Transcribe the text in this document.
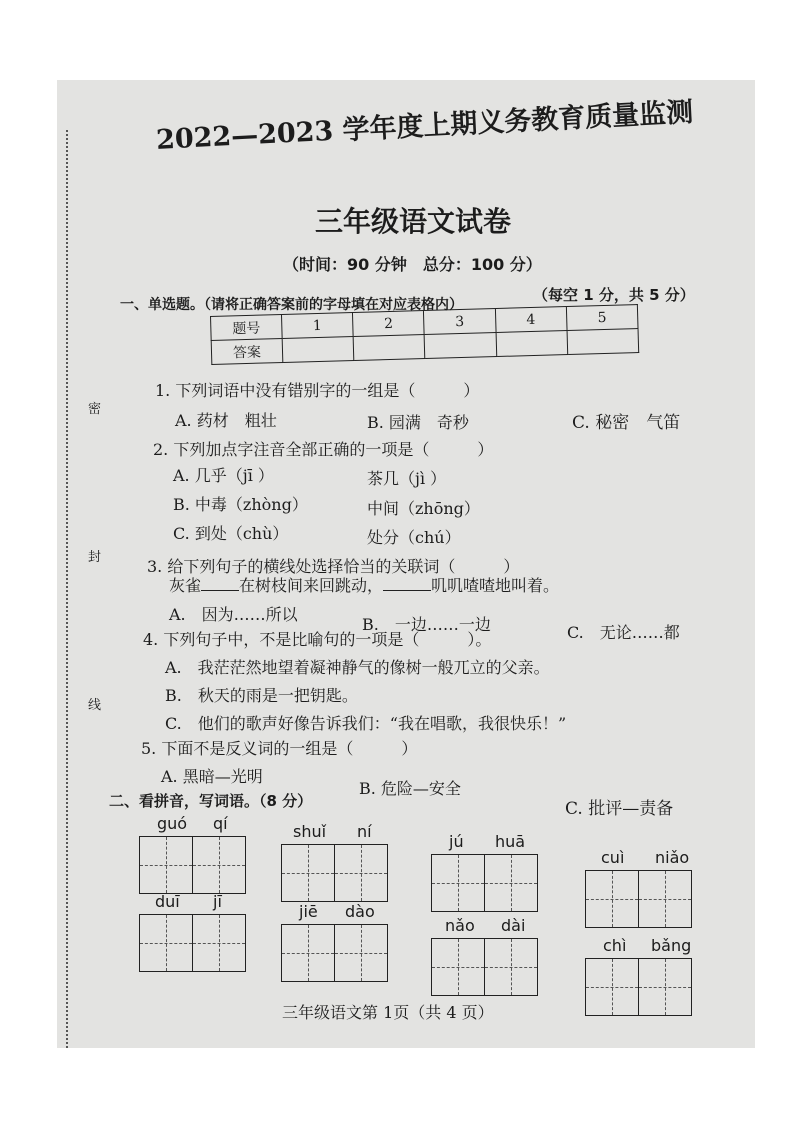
密
封
线
2022—2023 学年度上期义务教育质量监测
三年级语文试卷
（时间：90 分钟　总分：100 分）
一、单选题。（请将正确答案前的字母填在对应表格内）
（每空 1 分，共 5 分）
题号	1	2	3	4	5
答案					
1. 下列词语中没有错别字的一组是（　　　）
A. 药材　粗壮	B. 园满　奇秒	C. 秘密　气笛
2. 下列加点字注音全部正确的一项是（　　　）
A. 几乎（jī ）	茶几（jì ）
B. 中毒（zhòng）	中间（zhōng）
C. 到处（chù）	处分（chú）
3. 给下列句子的横线处选择恰当的关联词（　　　）
灰雀 在树枝间来回跳动，	叽叽喳喳地叫着。
A.　因为……所以
B.　一边……一边	C.　无论……都
4. 下列句子中，不是比喻句的一项是（　　　）。
A.　我茫茫然地望着凝神静气的像树一般兀立的父亲。
B.　秋天的雨是一把钥匙。
C.　他们的歌声好像告诉我们：“我在唱歌，我很快乐！”
5. 下面不是反义词的一组是（　　　）
A. 黑暗—光明
B. 危险—安全
C. 批评—责备
二、看拼音，写词语。（8 分）
guó qí	shuǐ ní
jú huā
cuì niǎo
duī jī
jiē dào
nǎo dài
chì bǎng
三年级语文第 1页（共 4 页）
